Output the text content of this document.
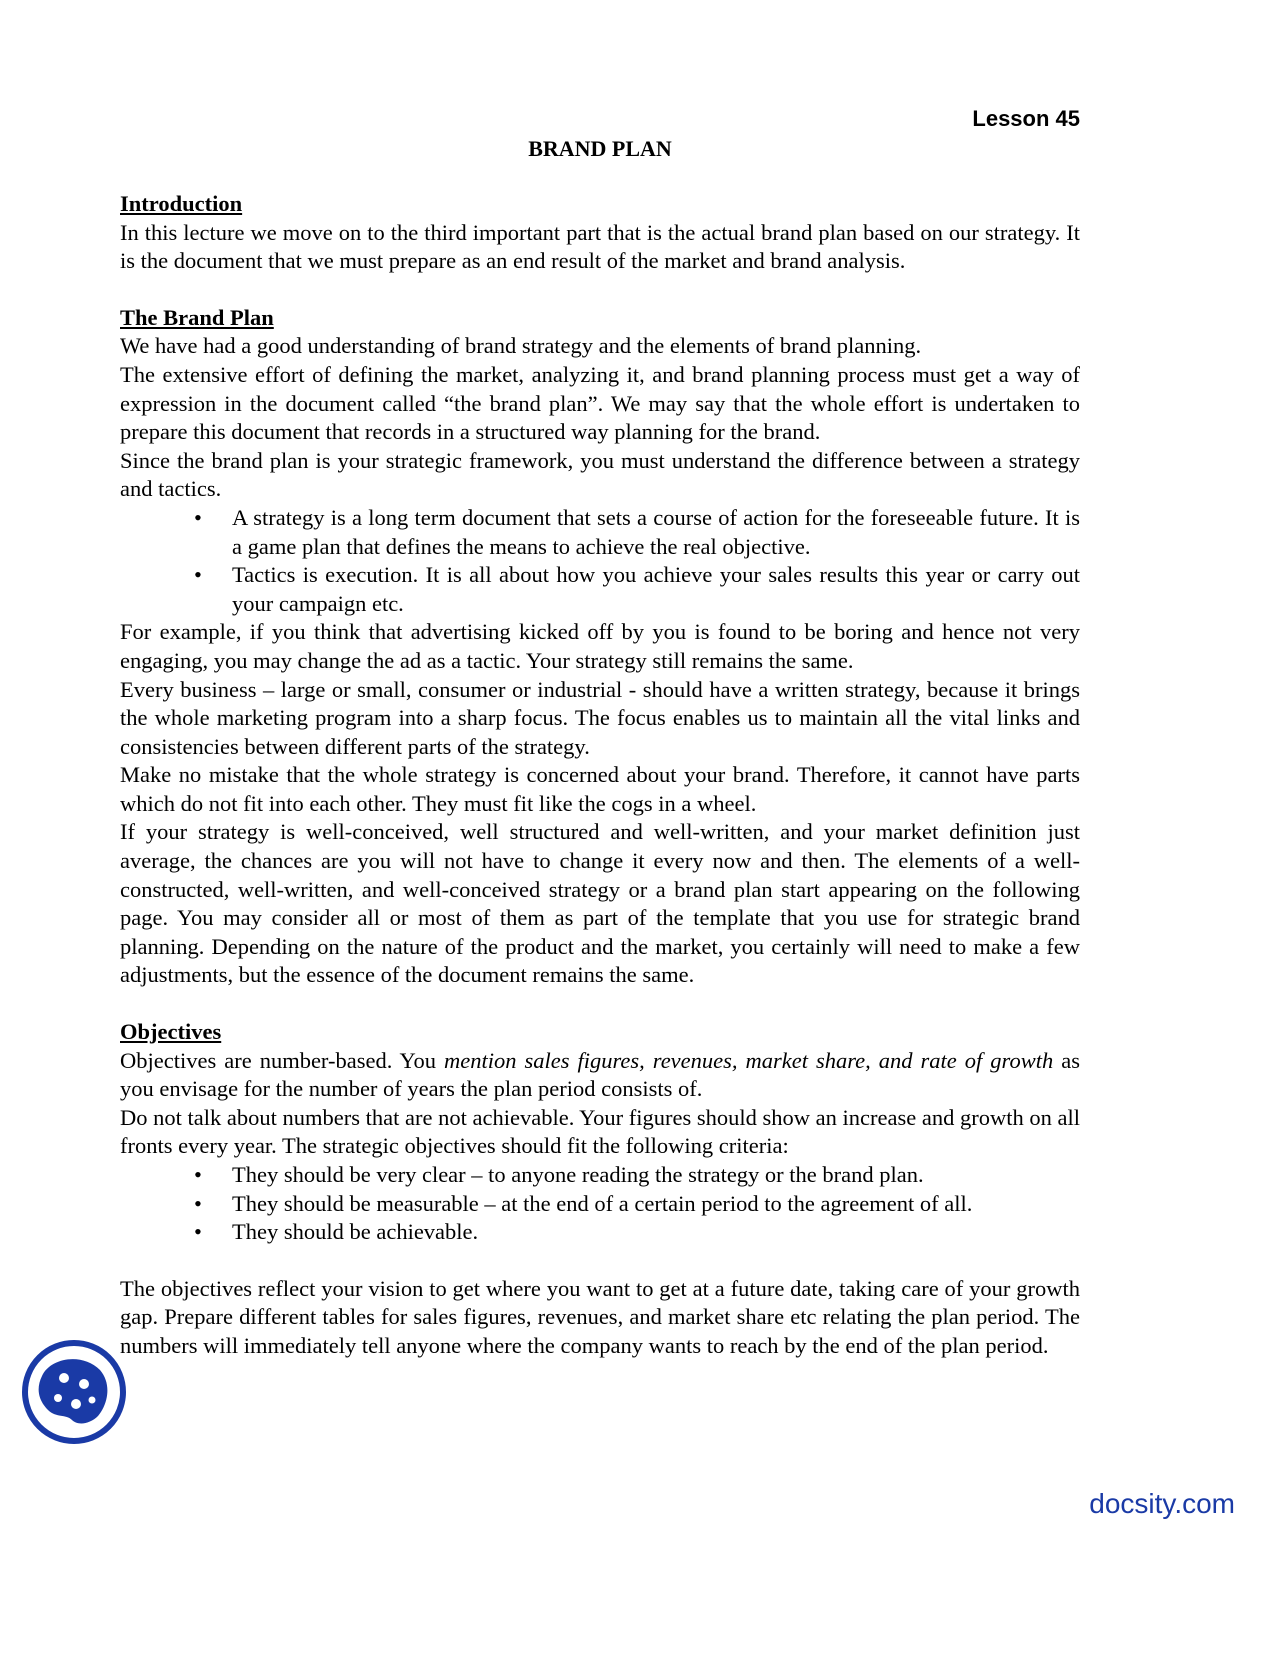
Lesson 45
BRAND PLAN
Introduction

In this lecture we move on to the third important part that is the actual brand plan based on our strategy. It is the document that we must prepare as an end result of the market and brand analysis.

The Brand Plan

We have had a good understanding of brand strategy and the elements of brand planning.

The extensive effort of defining the market, analyzing it, and brand planning process must get a way of expression in the document called “the brand plan”. We may say that the whole effort is undertaken to prepare this document that records in a structured way planning for the brand.

Since the brand plan is your strategic framework, you must understand the difference between a strategy and tactics.

• A strategy is a long term document that sets a course of action for the foreseeable future. It is a game plan that defines the means to achieve the real objective.
• Tactics is execution. It is all about how you achieve your sales results this year or carry out your campaign etc.

For example, if you think that advertising kicked off by you is found to be boring and hence not very engaging, you may change the ad as a tactic. Your strategy still remains the same.

Every business – large or small, consumer or industrial - should have a written strategy, because it brings the whole marketing program into a sharp focus. The focus enables us to maintain all the vital links and consistencies between different parts of the strategy.

Make no mistake that the whole strategy is concerned about your brand. Therefore, it cannot have parts which do not fit into each other. They must fit like the cogs in a wheel.

If your strategy is well-conceived, well structured and well-written, and your market definition just average, the chances are you will not have to change it every now and then. The elements of a well-constructed, well-written, and well-conceived strategy or a brand plan start appearing on the following page. You may consider all or most of them as part of the template that you use for strategic brand planning. Depending on the nature of the product and the market, you certainly will need to make a few adjustments, but the essence of the document remains the same.

Objectives

Objectives are number-based. You mention sales figures, revenues, market share, and rate of growth as you envisage for the number of years the plan period consists of.

Do not talk about numbers that are not achievable. Your figures should show an increase and growth on all fronts every year. The strategic objectives should fit the following criteria:

• They should be very clear – to anyone reading the strategy or the brand plan.
• They should be measurable – at the end of a certain period to the agreement of all.
• They should be achievable.

The objectives reflect your vision to get where you want to get at a future date, taking care of your growth gap. Prepare different tables for sales figures, revenues, and market share etc relating the plan period. The numbers will immediately tell anyone where the company wants to reach by the end of the plan period.

docsity.com
